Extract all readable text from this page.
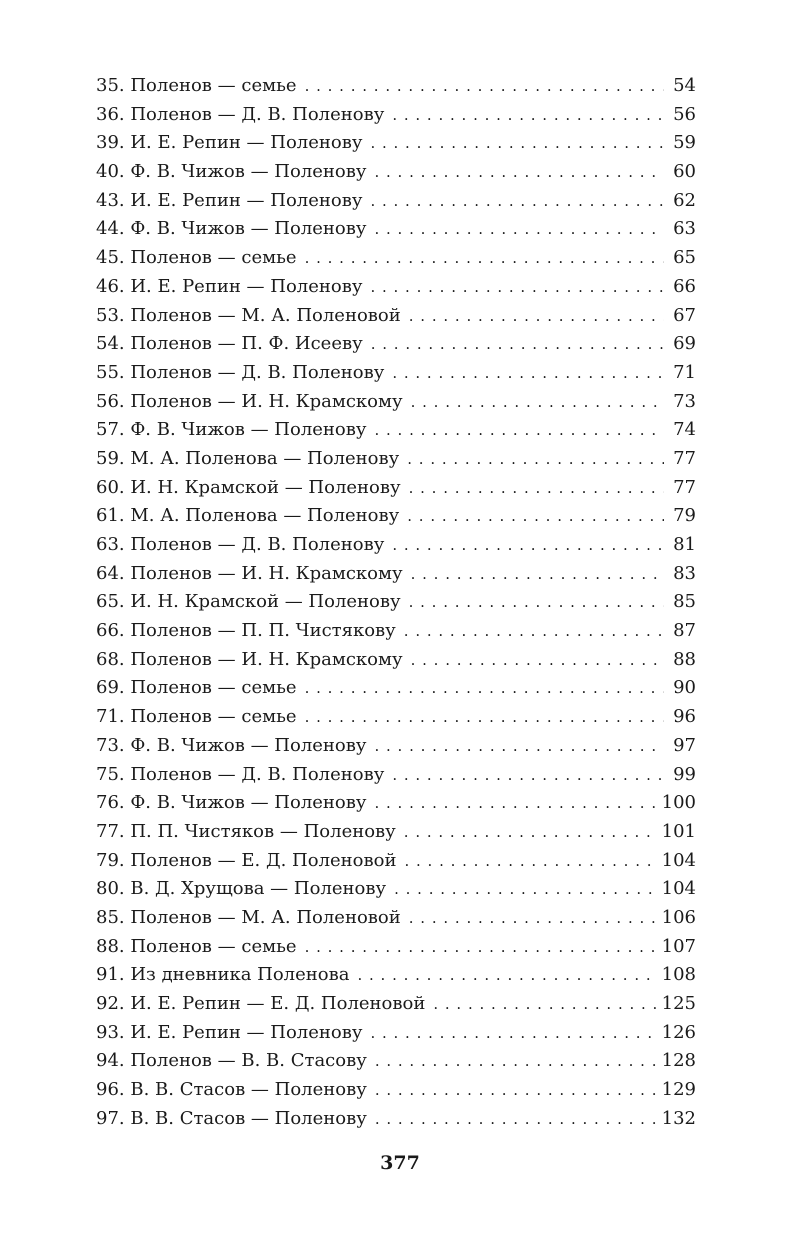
35. Поленов — семье . . .	54
36. Поленов — Д. В. Поленову . . .	56
39. И. Е. Репин — Поленову . . .	59
40. Ф. В. Чижов — Поленову . . .	60
43. И. Е. Репин — Поленову . . .	62
44. Ф. В. Чижов — Поленову . . .	63
45. Поленов — семье . . .	65
46. И. Е. Репин — Поленову . . .	66
53. Поленов — М. А. Поленовой . . .	67
54. Поленов — П. Ф. Исееву . . .	69
55. Поленов — Д. В. Поленову . . .	71
56. Поленов — И. Н. Крамскому . . .	73
57. Ф. В. Чижов — Поленову . . .	74
59. М. А. Поленова — Поленову . . .	77
60. И. Н. Крамской — Поленову . . .	77
61. М. А. Поленова — Поленову . . .	79
63. Поленов — Д. В. Поленову . . .	81
64. Поленов — И. Н. Крамскому . . .	83
65. И. Н. Крамской — Поленову . . .	85
66. Поленов — П. П. Чистякову . . .	87
68. Поленов — И. Н. Крамскому . . .	88
69. Поленов — семье . . .	90
71. Поленов — семье . . .	96
73. Ф. В. Чижов — Поленову . . .	97
75. Поленов — Д. В. Поленову . . .	99
76. Ф. В. Чижов — Поленову . . .	100
77. П. П. Чистяков — Поленову . . .	101
79. Поленов — Е. Д. Поленовой . . .	104
80. В. Д. Хрущова — Поленову . . .	104
85. Поленов — М. А. Поленовой . . .	106
88. Поленов — семье . . .	107
91. Из дневника Поленова . . .	108
92. И. Е. Репин — Е. Д. Поленовой . . .	125
93. И. Е. Репин — Поленову . . .	126
94. Поленов — В. В. Стасову . . .	128
96. В. В. Стасов — Поленову . . .	129
97. В. В. Стасов — Поленову . . .	132
377
